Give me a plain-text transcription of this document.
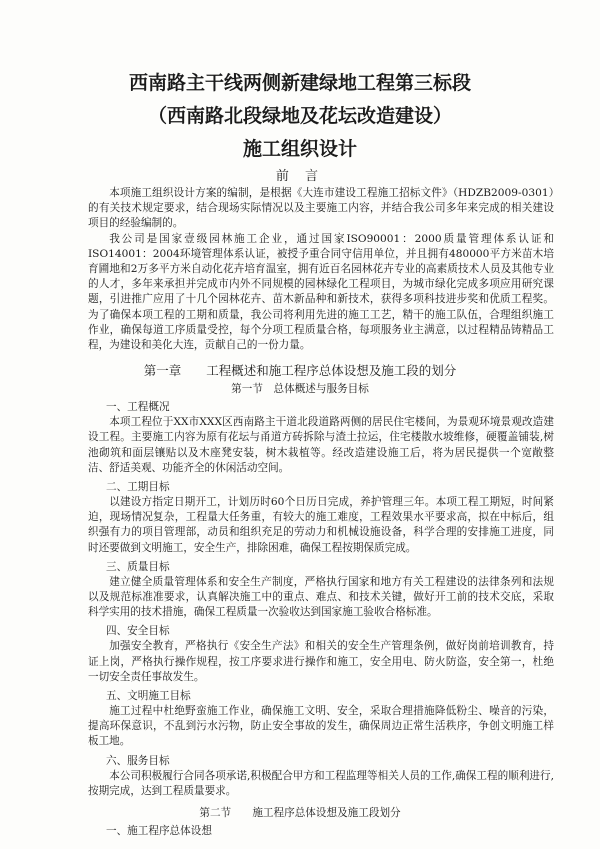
西南路主干线两侧新建绿地工程第三标段
（西南路北段绿地及花坛改造建设）
施工组织设计
前 言

本项施工组织设计方案的编制，是根据《大连市建设工程施工招标文件》（HDZB2009-0301）的有关技术规定要求，结合现场实际情况以及主要施工内容，并结合我公司多年来完成的相关建设项目的经验编制的。

我公司是国家壹级园林施工企业，通过国家ISO90001：2000质量管理体系认证和ISO14001：2004环境管理体系认证，被授予重合同守信用单位，并且拥有480000平方米苗木培育圃地和2万多平方米自动化花卉培育温室，拥有近百名园林花卉专业的高素质技术人员及其他专业的人才，多年来承担并完成市内外不同规模的园林绿化工程项目，为城市绿化完成多项应用研究课题，引进推广应用了十几个园林花卉、苗木新品种和新技术，获得多项科技进步奖和优质工程奖。为了确保本项工程的工期和质量，我公司将利用先进的施工工艺，精干的施工队伍，合理组织施工作业，确保每道工序质量受控，每个分项工程质量合格，每项服务业主满意，以过程精品铸精品工程，为建设和美化大连，贡献自己的一份力量。

第一章　　工程概述和施工程序总体设想及施工段的划分
第一节　总体概述与服务目标
一、工程概况

本项工程位于XX市XXX区西南路主干道北段道路两侧的居民住宅楼间，为景观环境景观改造建设工程。主要施工内容为原有花坛与甬道方砖拆除与渣土拉运，住宅楼散水坡维修，硬覆盖铺装,树池砌筑和面层镶贴以及木座凳安装，树木栽植等。经改造建设施工后，将为居民提供一个宽敞整洁、舒适美观、功能齐全的休闲活动空间。

二、工期目标

以建设方指定日期开工，计划历时60个日历日完成，养护管理三年。本项工程工期短，时间紧迫，现场情况复杂，工程量大任务重，有较大的施工难度，工程效果水平要求高，拟在中标后，组织强有力的项目管理部，动员和组织充足的劳动力和机械设施设备，科学合理的安排施工进度，同时还要做到文明施工，安全生产，排除困难，确保工程按期保质完成。

三、质量目标

建立健全质量管理体系和安全生产制度，严格执行国家和地方有关工程建设的法律条列和法规以及规范标准准要求，认真解决施工中的重点、难点、和技术关键，做好开工前的技术交底，采取科学实用的技术措施，确保工程质量一次验收达到国家施工验收合格标准。

四、安全目标

加强安全教育，严格执行《安全生产法》和相关的安全生产管理条例，做好岗前培训教育，持证上岗，严格执行操作规程，按工序要求进行操作和施工，安全用电、防火防盗，安全第一，杜绝一切安全责任事故发生。

五、文明施工目标

施工过程中杜绝野蛮施工作业，确保施工文明、安全，采取合理措施降低粉尘、噪音的污染，提高环保意识，不乱到污水污物，防止安全事故的发生，确保周边正常生活秩序，争创文明施工样板工地。

六、服务目标

本公司积极履行合同各项承诺,积极配合甲方和工程监理等相关人员的工作,确保工程的顺利进行,按期完成，达到工程质量要求。

第二节　　施工程序总体设想及施工段划分
一、施工程序总体设想
